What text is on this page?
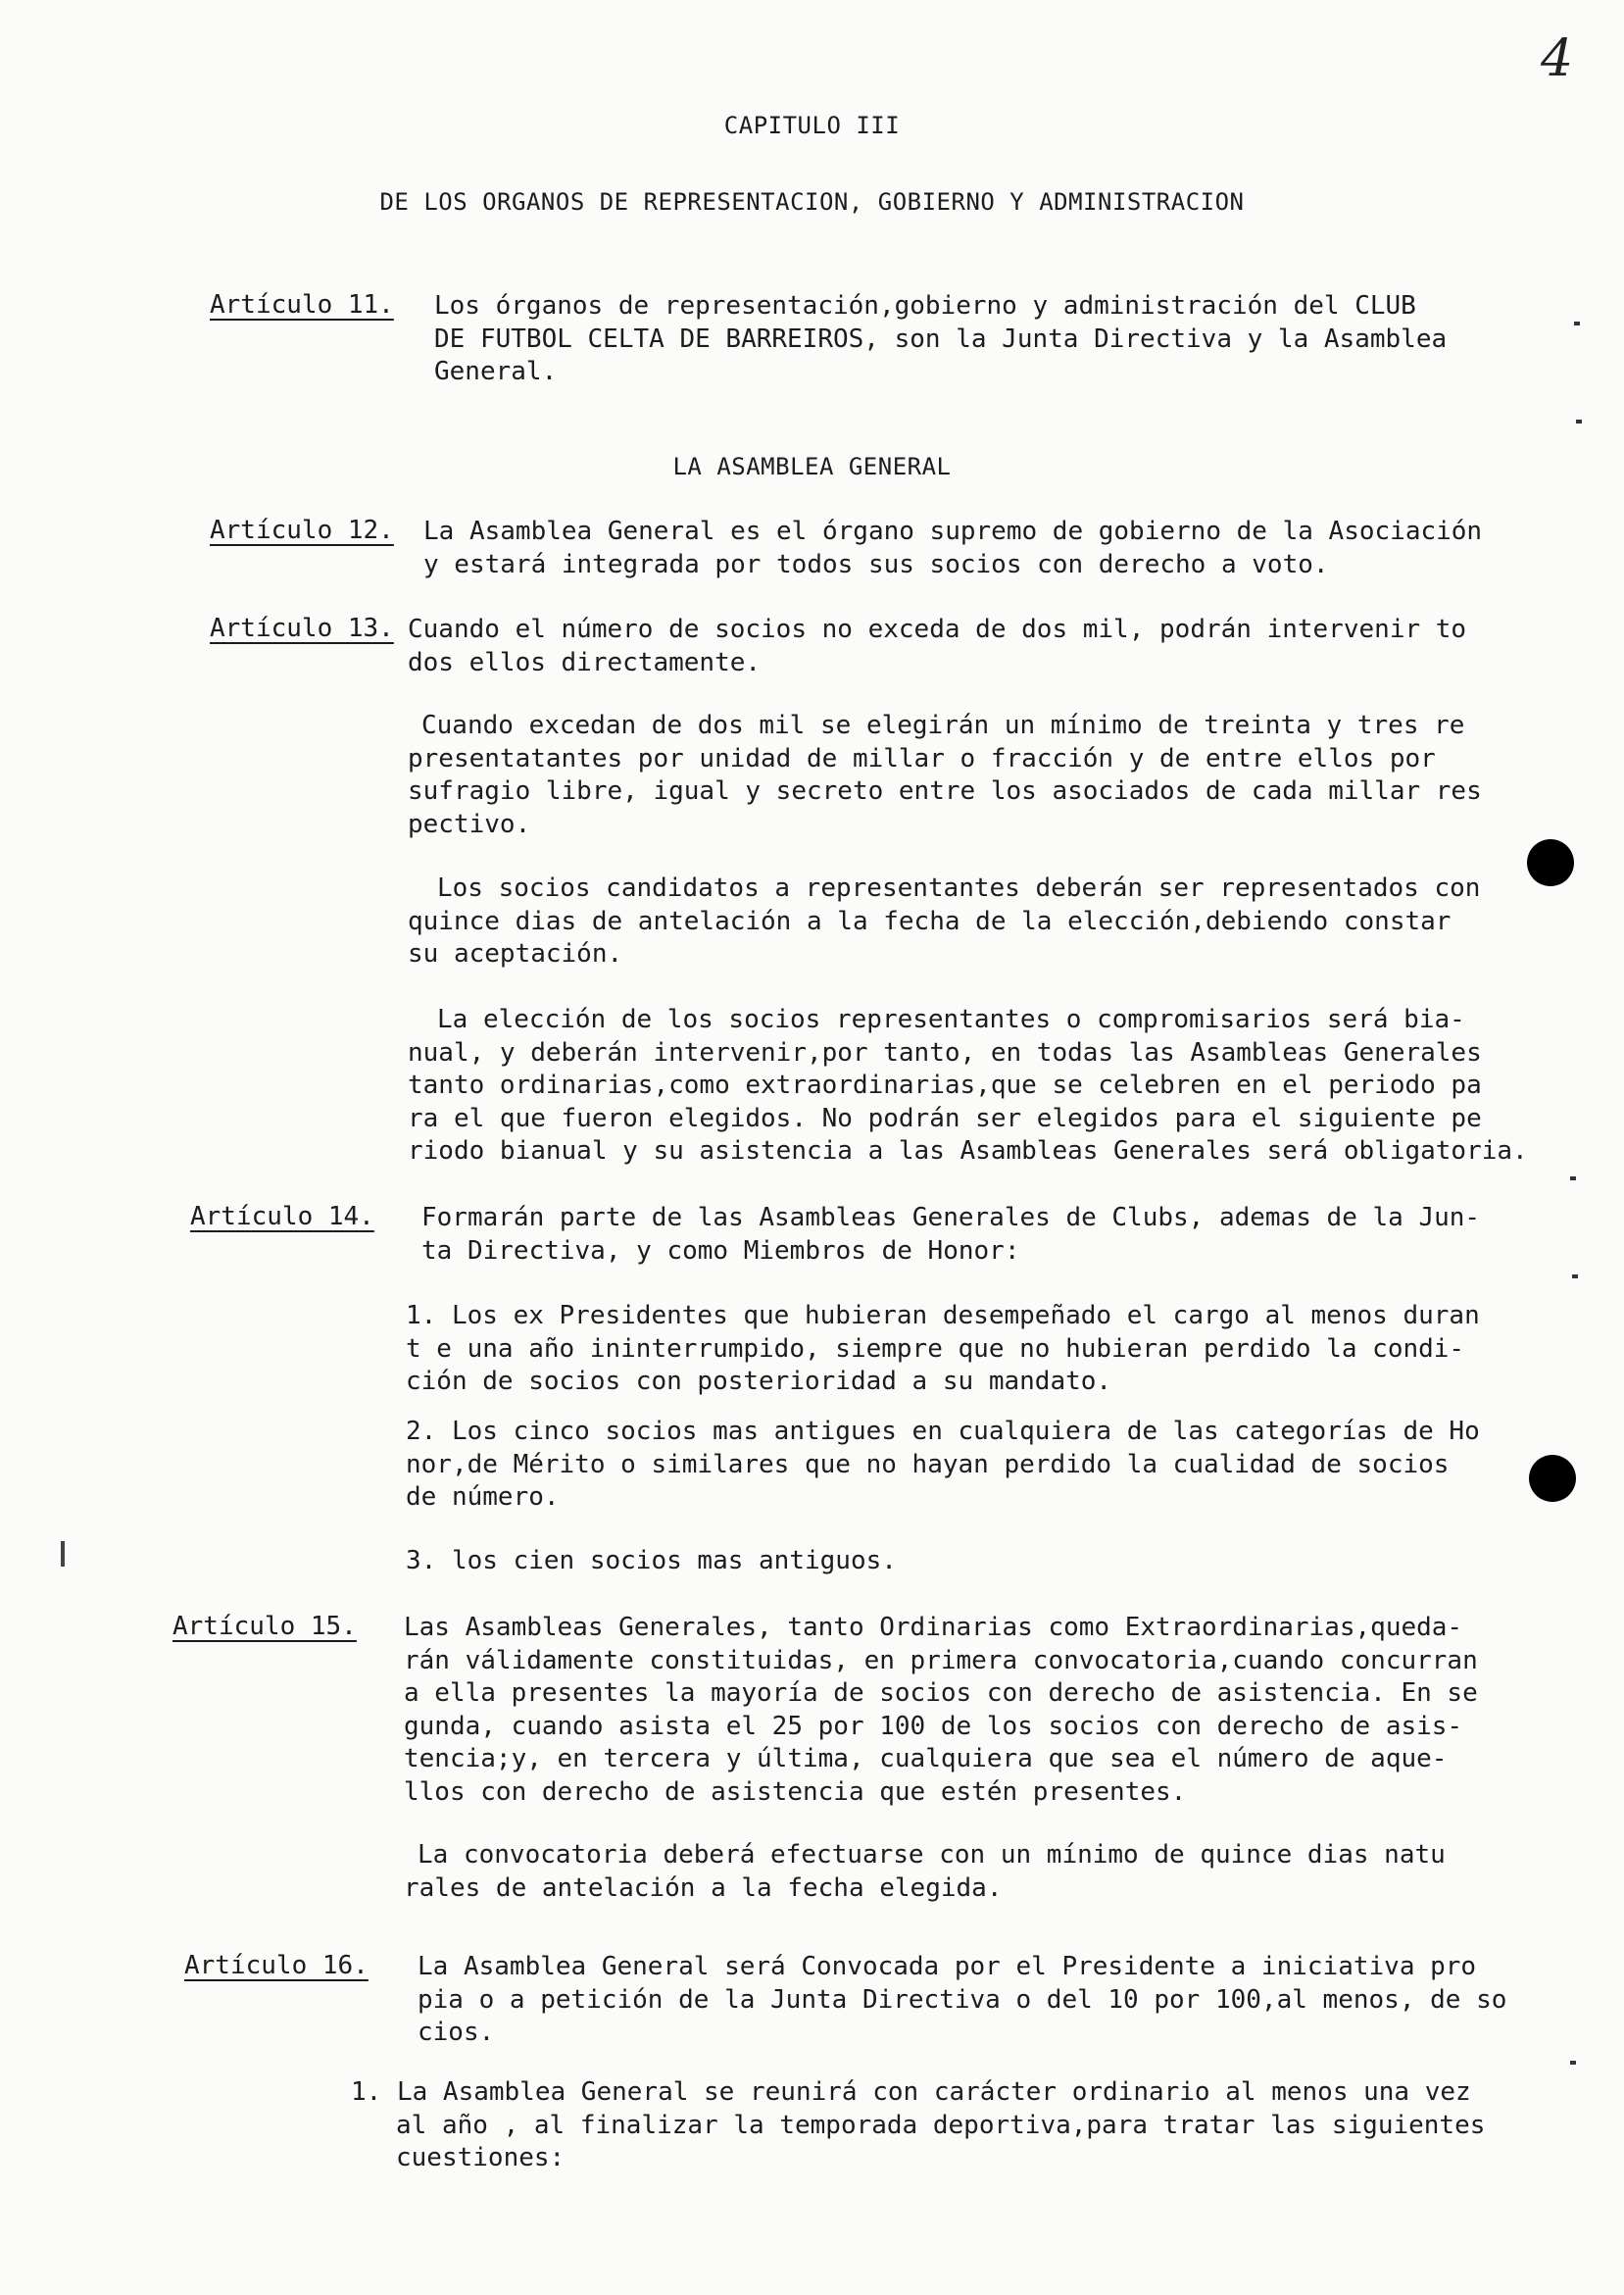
4
CAPITULO III
DE LOS ORGANOS DE REPRESENTACION, GOBIERNO Y ADMINISTRACION
Artículo 11. Los órganos de representación,gobierno y administración del CLUB
DE FUTBOL CELTA DE BARREIROS, son la Junta Directiva y la Asamblea
General.
LA ASAMBLEA GENERAL
Artículo 12. La Asamblea General es el órgano supremo de gobierno de la Asociación
y estará integrada por todos sus socios con derecho a voto.
Artículo 13. Cuando el número de socios no exceda de dos mil, podrán intervenir to
dos ellos directamente.
Cuando excedan de dos mil se elegirán un mínimo de treinta y tres re
presentatantes por unidad de millar o fracción y de entre ellos por
sufragio libre, igual y secreto entre los asociados de cada millar res
pectivo.
Los socios candidatos a representantes deberán ser representados con
quince dias de antelación a la fecha de la elección,debiendo constar
su aceptación.
La elección de los socios representantes o compromisarios será bia-
nual, y deberán intervenir,por tanto, en todas las Asambleas Generales
tanto ordinarias,como extraordinarias,que se celebren en el periodo pa
ra el que fueron elegidos. No podrán ser elegidos para el siguiente pe
riodo bianual y su asistencia a las Asambleas Generales será obligatoria.
Artículo 14. Formarán parte de las Asambleas Generales de Clubs, ademas de la Jun-
ta Directiva, y como Miembros de Honor:
1. Los ex Presidentes que hubieran desempeñado el cargo al menos duran
t e una año ininterrumpido, siempre que no hubieran perdido la condi-
ción de socios con posterioridad a su mandato.
2. Los cinco socios mas antigues en cualquiera de las categorías de Ho
nor,de Mérito o similares que no hayan perdido la cualidad de socios
de número.
3. los cien socios mas antiguos.
Artículo 15. Las Asambleas Generales, tanto Ordinarias como Extraordinarias,queda-
rán válidamente constituidas, en primera convocatoria,cuando concurran
a ella presentes la mayoría de socios con derecho de asistencia. En se
gunda, cuando asista el 25 por 100 de los socios con derecho de asis-
tencia;y, en tercera y última, cualquiera que sea el número de aque-
llos con derecho de asistencia que estén presentes.
La convocatoria deberá efectuarse con un mínimo de quince dias natu
rales de antelación a la fecha elegida.
Artículo 16. La Asamblea General será Convocada por el Presidente a iniciativa pro
pia o a petición de la Junta Directiva o del 10 por 100,al menos, de so
cios.
1. La Asamblea General se reunirá con carácter ordinario al menos una vez
al año , al finalizar la temporada deportiva,para tratar las siguientes
cuestiones:
